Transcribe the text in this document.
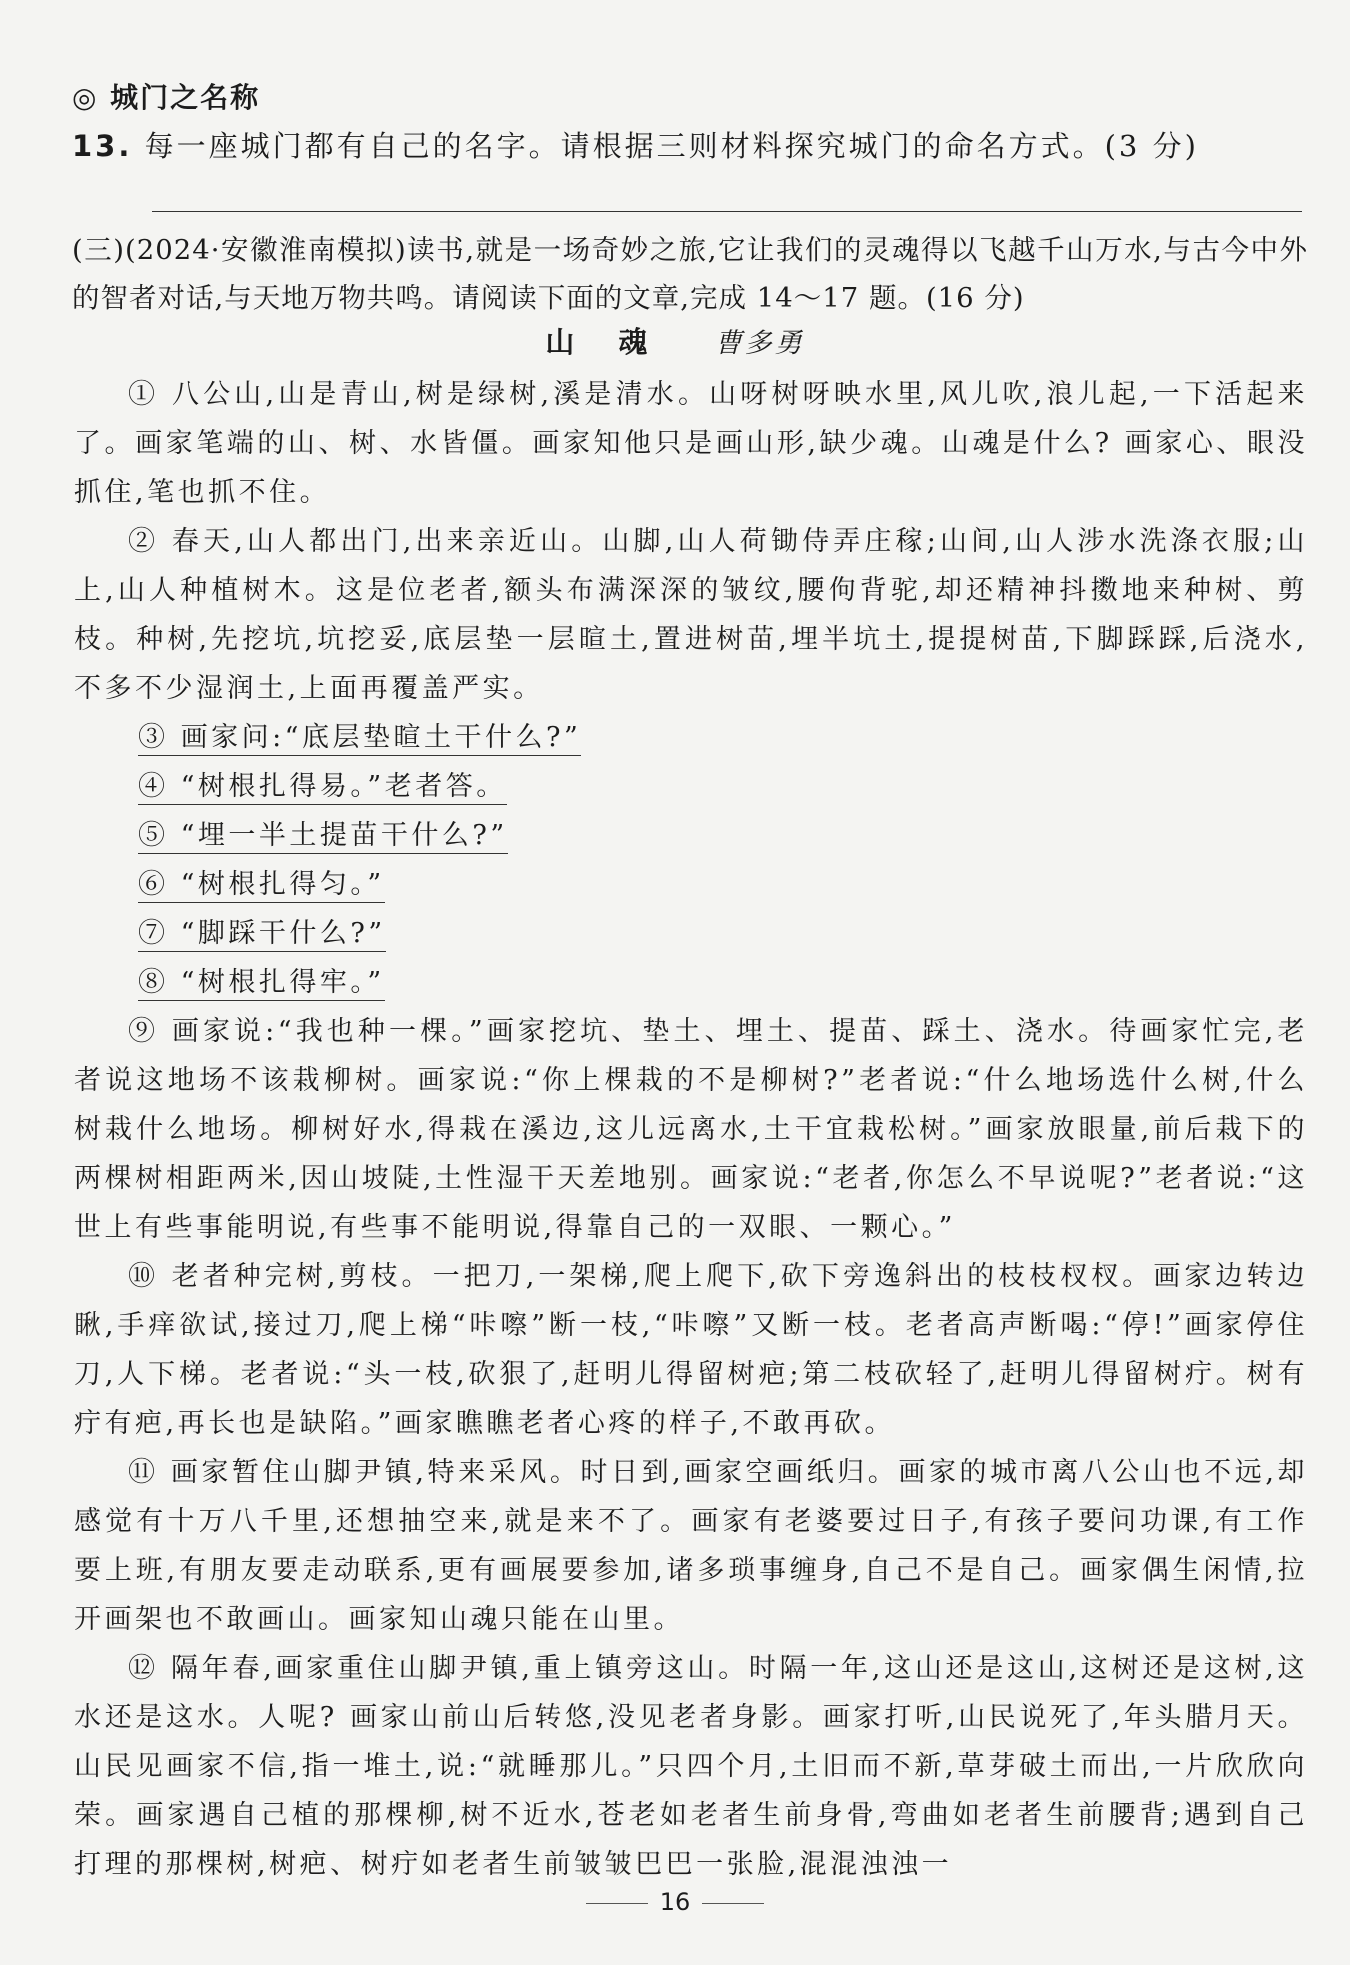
◎ 城门之名称
13. 每一座城门都有自己的名字。请根据三则材料探究城门的命名方式。(3 分)
(三)(2024·安徽淮南模拟)读书,就是一场奇妙之旅,它让我们的灵魂得以飞越千山万水,与古今中外的智者对话,与天地万物共鸣。请阅读下面的文章,完成 14～17 题。(16 分)
山魂 曹多勇

① 八公山,山是青山,树是绿树,溪是清水。山呀树呀映水里,风儿吹,浪儿起,一下活起来了。画家笔端的山、树、水皆僵。画家知他只是画山形,缺少魂。山魂是什么? 画家心、眼没抓住,笔也抓不住。

② 春天,山人都出门,出来亲近山。山脚,山人荷锄侍弄庄稼;山间,山人涉水洗涤衣服;山上,山人种植树木。这是位老者,额头布满深深的皱纹,腰佝背驼,却还精神抖擞地来种树、剪枝。种树,先挖坑,坑挖妥,底层垫一层暄土,置进树苗,埋半坑土,提提树苗,下脚踩踩,后浇水,不多不少湿润土,上面再覆盖严实。

③ 画家问:“底层垫暄土干什么?”
④ “树根扎得易。”老者答。
⑤ “埋一半土提苗干什么?”
⑥ “树根扎得匀。”
⑦ “脚踩干什么?”
⑧ “树根扎得牢。”

⑨ 画家说:“我也种一棵。”画家挖坑、垫土、埋土、提苗、踩土、浇水。待画家忙完,老者说这地场不该栽柳树。画家说:“你上棵栽的不是柳树?”老者说:“什么地场选什么树,什么树栽什么地场。柳树好水,得栽在溪边,这儿远离水,土干宜栽松树。”画家放眼量,前后栽下的两棵树相距两米,因山坡陡,土性湿干天差地别。画家说:“老者,你怎么不早说呢?”老者说:“这世上有些事能明说,有些事不能明说,得靠自己的一双眼、一颗心。”

⑩ 老者种完树,剪枝。一把刀,一架梯,爬上爬下,砍下旁逸斜出的枝枝杈杈。画家边转边瞅,手痒欲试,接过刀,爬上梯“咔嚓”断一枝,“咔嚓”又断一枝。老者高声断喝:“停!”画家停住刀,人下梯。老者说:“头一枝,砍狠了,赶明儿得留树疤;第二枝砍轻了,赶明儿得留树疔。树有疔有疤,再长也是缺陷。”画家瞧瞧老者心疼的样子,不敢再砍。

⑪ 画家暂住山脚尹镇,特来采风。时日到,画家空画纸归。画家的城市离八公山也不远,却感觉有十万八千里,还想抽空来,就是来不了。画家有老婆要过日子,有孩子要问功课,有工作要上班,有朋友要走动联系,更有画展要参加,诸多琐事缠身,自己不是自己。画家偶生闲情,拉开画架也不敢画山。画家知山魂只能在山里。

⑫ 隔年春,画家重住山脚尹镇,重上镇旁这山。时隔一年,这山还是这山,这树还是这树,这水还是这水。人呢? 画家山前山后转悠,没见老者身影。画家打听,山民说死了,年头腊月天。山民见画家不信,指一堆土,说:“就睡那儿。”只四个月,土旧而不新,草芽破土而出,一片欣欣向荣。画家遇自己植的那棵柳,树不近水,苍老如老者生前身骨,弯曲如老者生前腰背;遇到自己打理的那棵树,树疤、树疔如老者生前皱皱巴巴一张脸,混混浊浊一

16
